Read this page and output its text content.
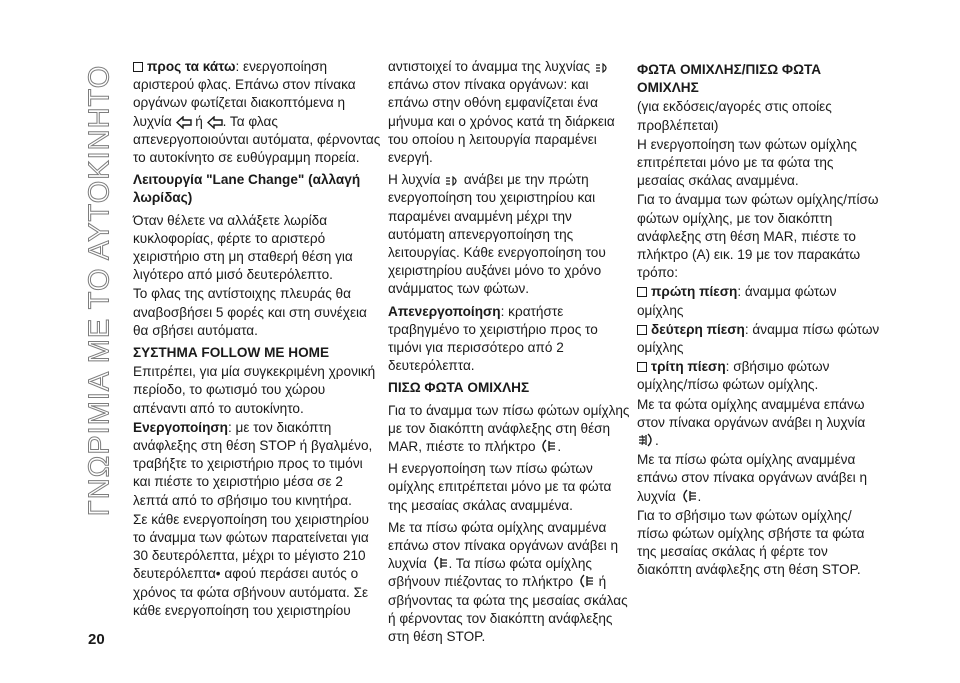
ΓΝΩΡΙΜΙΑ ΜΕ ΤΟ ΑΥΤΟΚΙΝΗΤΟ	προς τα κάτω: ενεργοποίηση αριστερού φλας. Επάνω στον πίνακα οργάνων φωτίζεται διακοπτόμενα η λυχνία ή . Τα φλας απενεργοποιούνται αυτόματα, φέρνοντας το αυτοκίνητο σε ευθύγραμμη πορεία.

Λειτουργία "Lane Change" (αλλαγή λωρίδας)

Όταν θέλετε να αλλάξετε λωρίδα κυκλοφορίας, φέρτε το αριστερό χειριστήριο στη μη σταθερή θέση για λιγότερο από μισό δευτερόλεπτο.

Το φλας της αντίστοιχης πλευράς θα αναβοσβήσει 5 φορές και στη συνέχεια θα σβήσει αυτόματα.

ΣΥΣΤΗΜΑ FOLLOW ME HOME

Επιτρέπει, για μία συγκεκριμένη χρονική περίοδο, το φωτισμό του χώρου απέναντι από το αυτοκίνητο.

Ενεργοποίηση: με τον διακόπτη ανάφλεξης στη θέση STOP ή βγαλμένο, τραβήξτε το χειριστήριο προς το τιμόνι και πιέστε το χειριστήριο μέσα σε 2 λεπτά από το σβήσιμο του κινητήρα.

Σε κάθε ενεργοποίηση του χειριστηρίου το άναμμα των φώτων παρατείνεται για 30 δευτερόλεπτα, μέχρι το μέγιστο 210 δευτερόλεπτα• αφού περάσει αυτός ο χρόνος τα φώτα σβήνουν αυτόματα. Σε κάθε ενεργοποίηση του χειριστηρίου

αντιστοιχεί το άναμμα της λυχνίας
επάνω στον πίνακα οργάνων: και επάνω στην οθόνη εμφανίζεται ένα μήνυμα και ο χρόνος κατά τη διάρκεια του οποίου η λειτουργία παραμένει ενεργή.

Η λυχνία ανάβει με την πρώτη ενεργοποίηση του χειριστηρίου και παραμένει αναμμένη μέχρι την αυτόματη απενεργοποίηση της λειτουργίας. Κάθε ενεργοποίηση του χειριστηρίου αυξάνει μόνο το χρόνο ανάμματος των φώτων.

Απενεργοποίηση: κρατήστε τραβηγμένο το χειριστήριο προς το τιμόνι για περισσότερο από 2 δευτερόλεπτα.

ΠΙΣΩ ΦΩΤΑ ΟΜΙΧΛΗΣ

Για το άναμμα των πίσω φώτων ομίχλης με τον διακόπτη ανάφλεξης στη θέση MAR, πιέστε το πλήκτρο .

Η ενεργοποίηση των πίσω φώτων ομίχλης επιτρέπεται μόνο με τα φώτα της μεσαίας σκάλας αναμμένα.

Με τα πίσω φώτα ομίχλης αναμμένα επάνω στον πίνακα οργάνων ανάβει η λυχνία . Τα πίσω φώτα ομίχλης σβήνουν πιέζοντας το πλήκτρο ή σβήνοντας τα φώτα της μεσαίας σκάλας ή φέρνοντας τον διακόπτη ανάφλεξης στη θέση STOP.

ΦΩΤΑ ΟΜΙΧΛΗΣ/ΠΙΣΩ ΦΩΤΑ ΟΜΙΧΛΗΣ

(για εκδόσεις/αγορές στις οποίες προβλέπεται)

Η ενεργοποίηση των φώτων ομίχλης επιτρέπεται μόνο με τα φώτα της μεσαίας σκάλας αναμμένα.

Για το άναμμα των φώτων ομίχλης/πίσω φώτων ομίχλης, με τον διακόπτη ανάφλεξης στη θέση MAR, πιέστε το πλήκτρο (A) εικ. 19 με τον παρακάτω τρόπο:

πρώτη πίεση: άναμμα φώτων ομίχλης

δεύτερη πίεση: άναμμα πίσω φώτων ομίχλης

τρίτη πίεση: σβήσιμο φώτων ομίχλης/πίσω φώτων ομίχλης.

Με τα φώτα ομίχλης αναμμένα επάνω στον πίνακα οργάνων ανάβει η λυχνία
.

Με τα πίσω φώτα ομίχλης αναμμένα επάνω στον πίνακα οργάνων ανάβει η λυχνία .

Για το σβήσιμο των φώτων ομίχλης/πίσω φώτων ομίχλης σβήστε τα φώτα της μεσαίας σκάλας ή φέρτε τον διακόπτη ανάφλεξης στη θέση STOP.

20
